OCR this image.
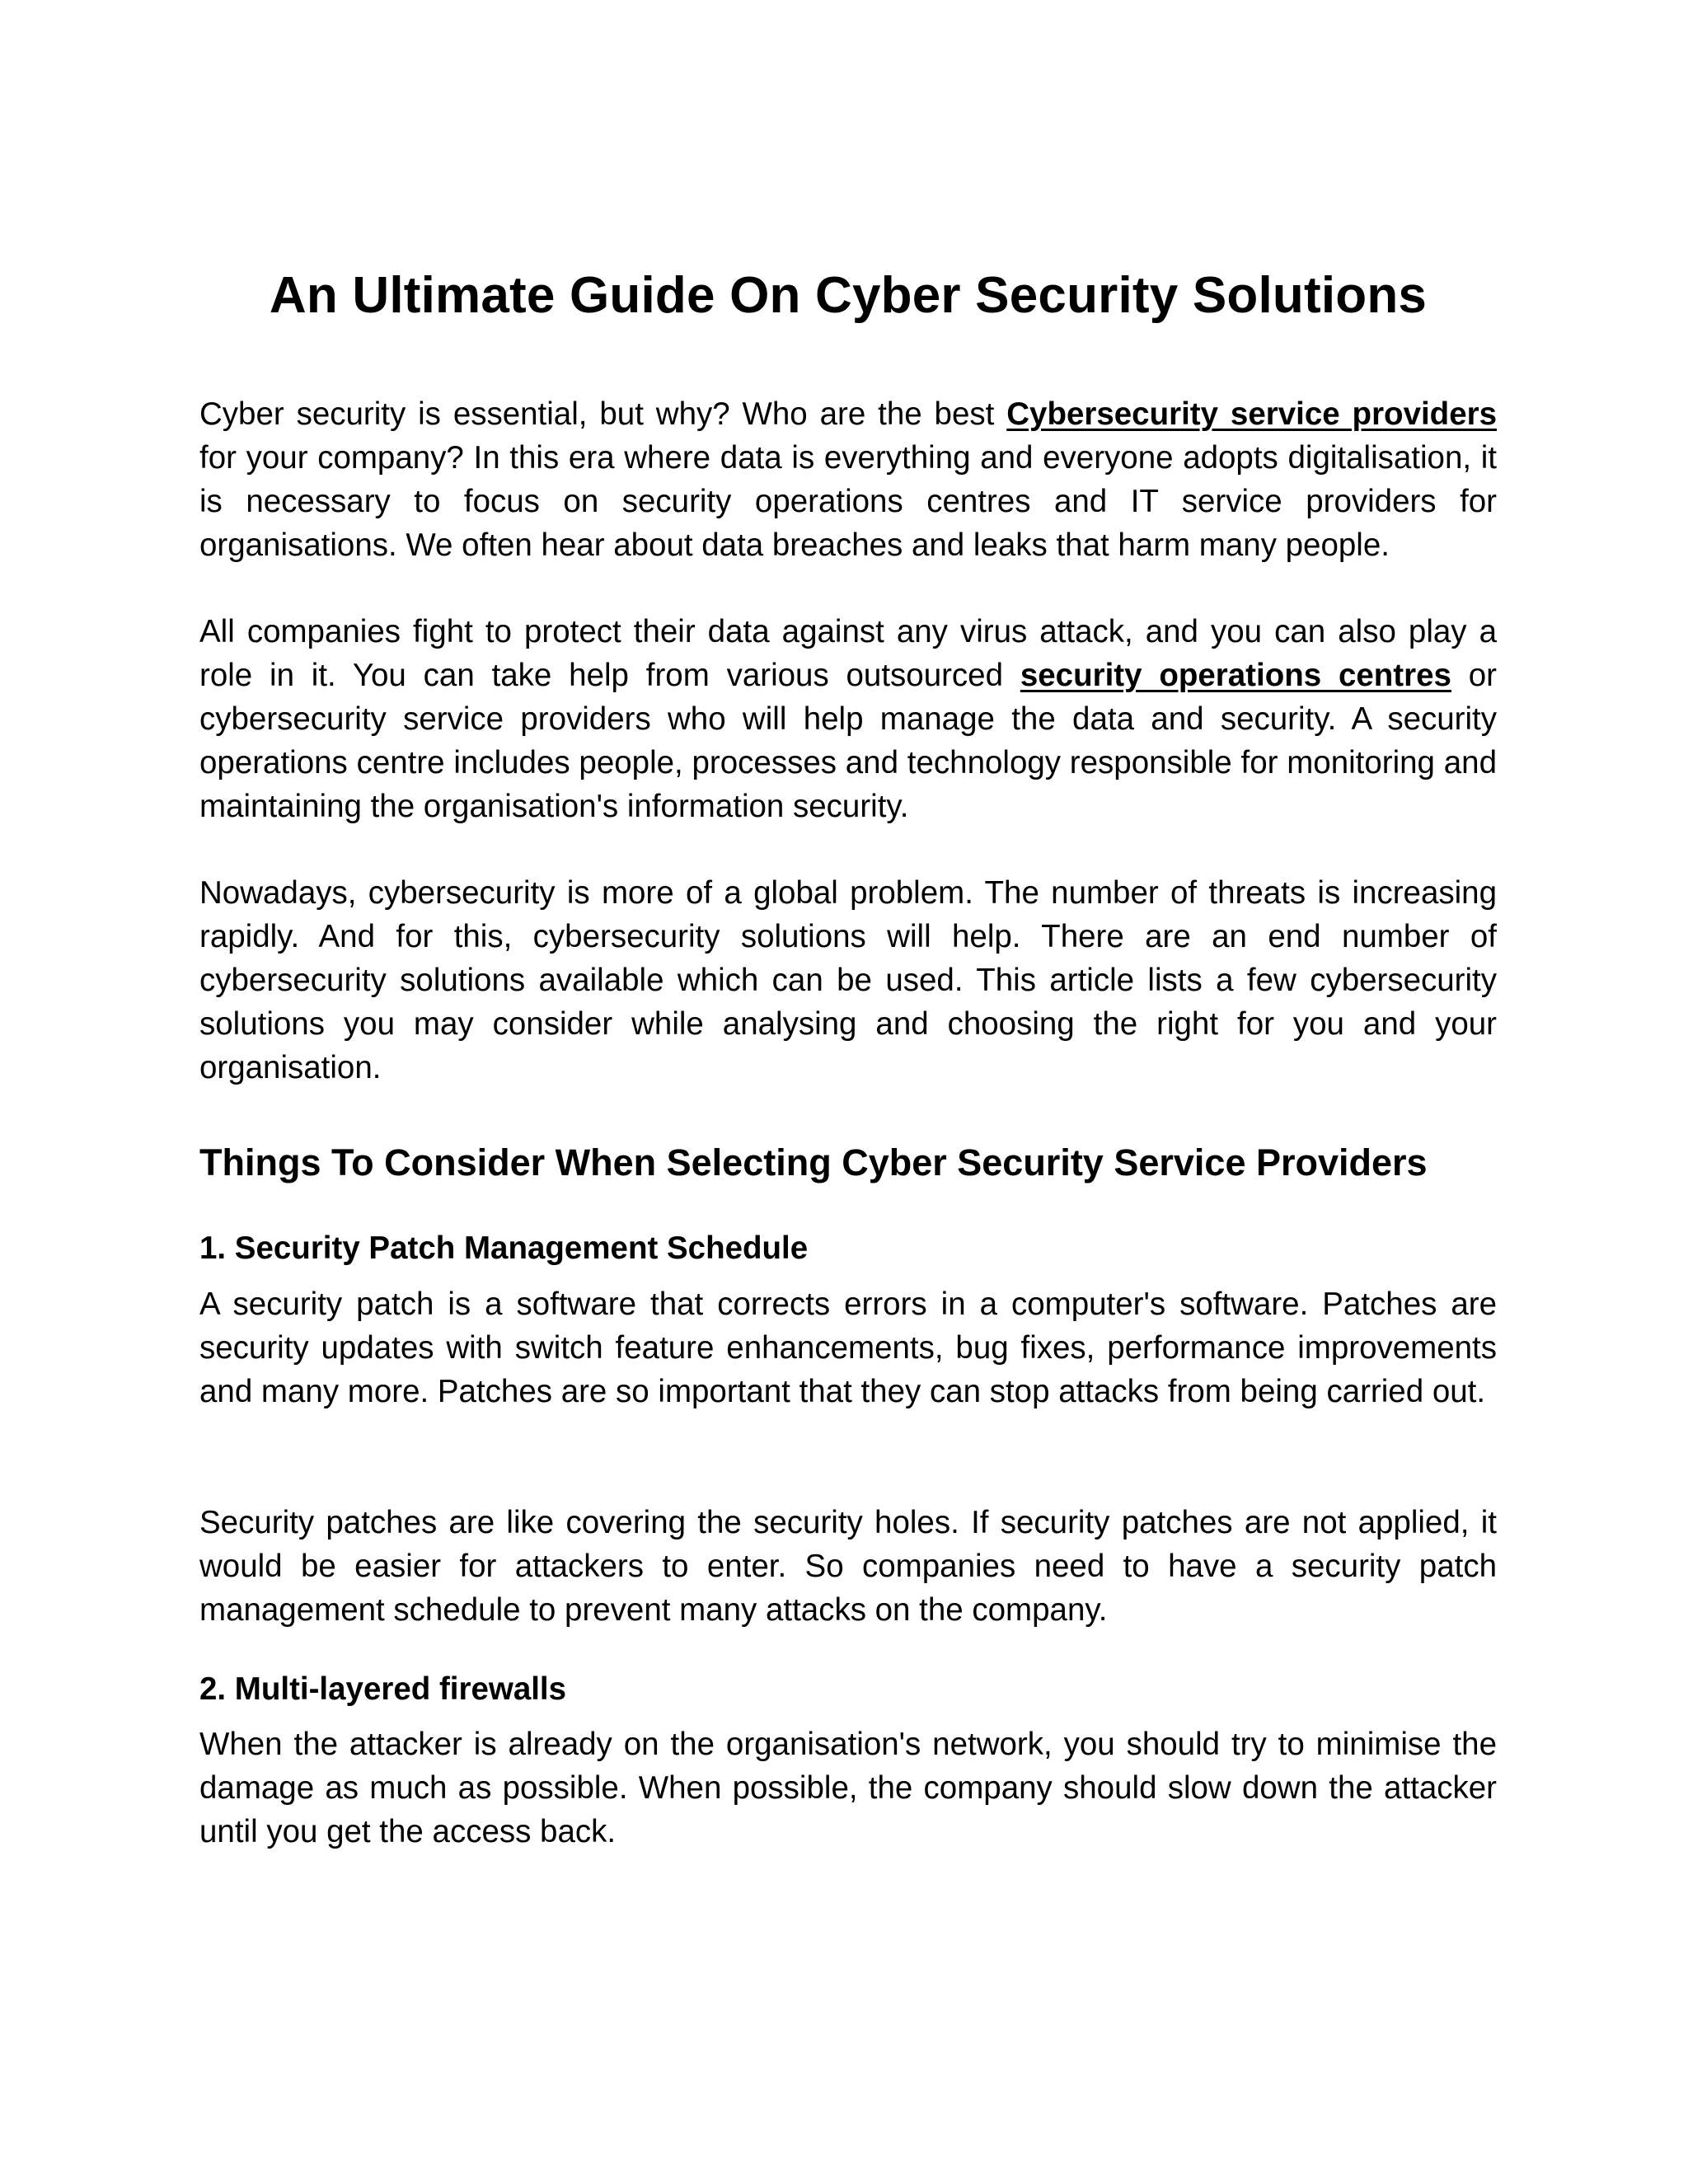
An Ultimate Guide On Cyber Security Solutions

Cyber security is essential, but why? Who are the best Cybersecurity service providers for your company? In this era where data is everything and everyone adopts digitalisation, it is necessary to focus on security operations centres and IT service providers for organisations. We often hear about data breaches and leaks that harm many people.

All companies fight to protect their data against any virus attack, and you can also play a role in it. You can take help from various outsourced security operations centres or cybersecurity service providers who will help manage the data and security. A security operations centre includes people, processes and technology responsible for monitoring and maintaining the organisation's information security.

Nowadays, cybersecurity is more of a global problem. The number of threats is increasing rapidly. And for this, cybersecurity solutions will help. There are an end number of cybersecurity solutions available which can be used. This article lists a few cybersecurity solutions you may consider while analysing and choosing the right for you and your organisation.

Things To Consider When Selecting Cyber Security Service Providers
1. Security Patch Management Schedule

A security patch is a software that corrects errors in a computer's software. Patches are security updates with switch feature enhancements, bug fixes, performance improvements and many more. Patches are so important that they can stop attacks from being carried out.

Security patches are like covering the security holes. If security patches are not applied, it would be easier for attackers to enter. So companies need to have a security patch management schedule to prevent many attacks on the company.

2. Multi-layered firewalls

When the attacker is already on the organisation's network, you should try to minimise the damage as much as possible. When possible, the company should slow down the attacker until you get the access back.
